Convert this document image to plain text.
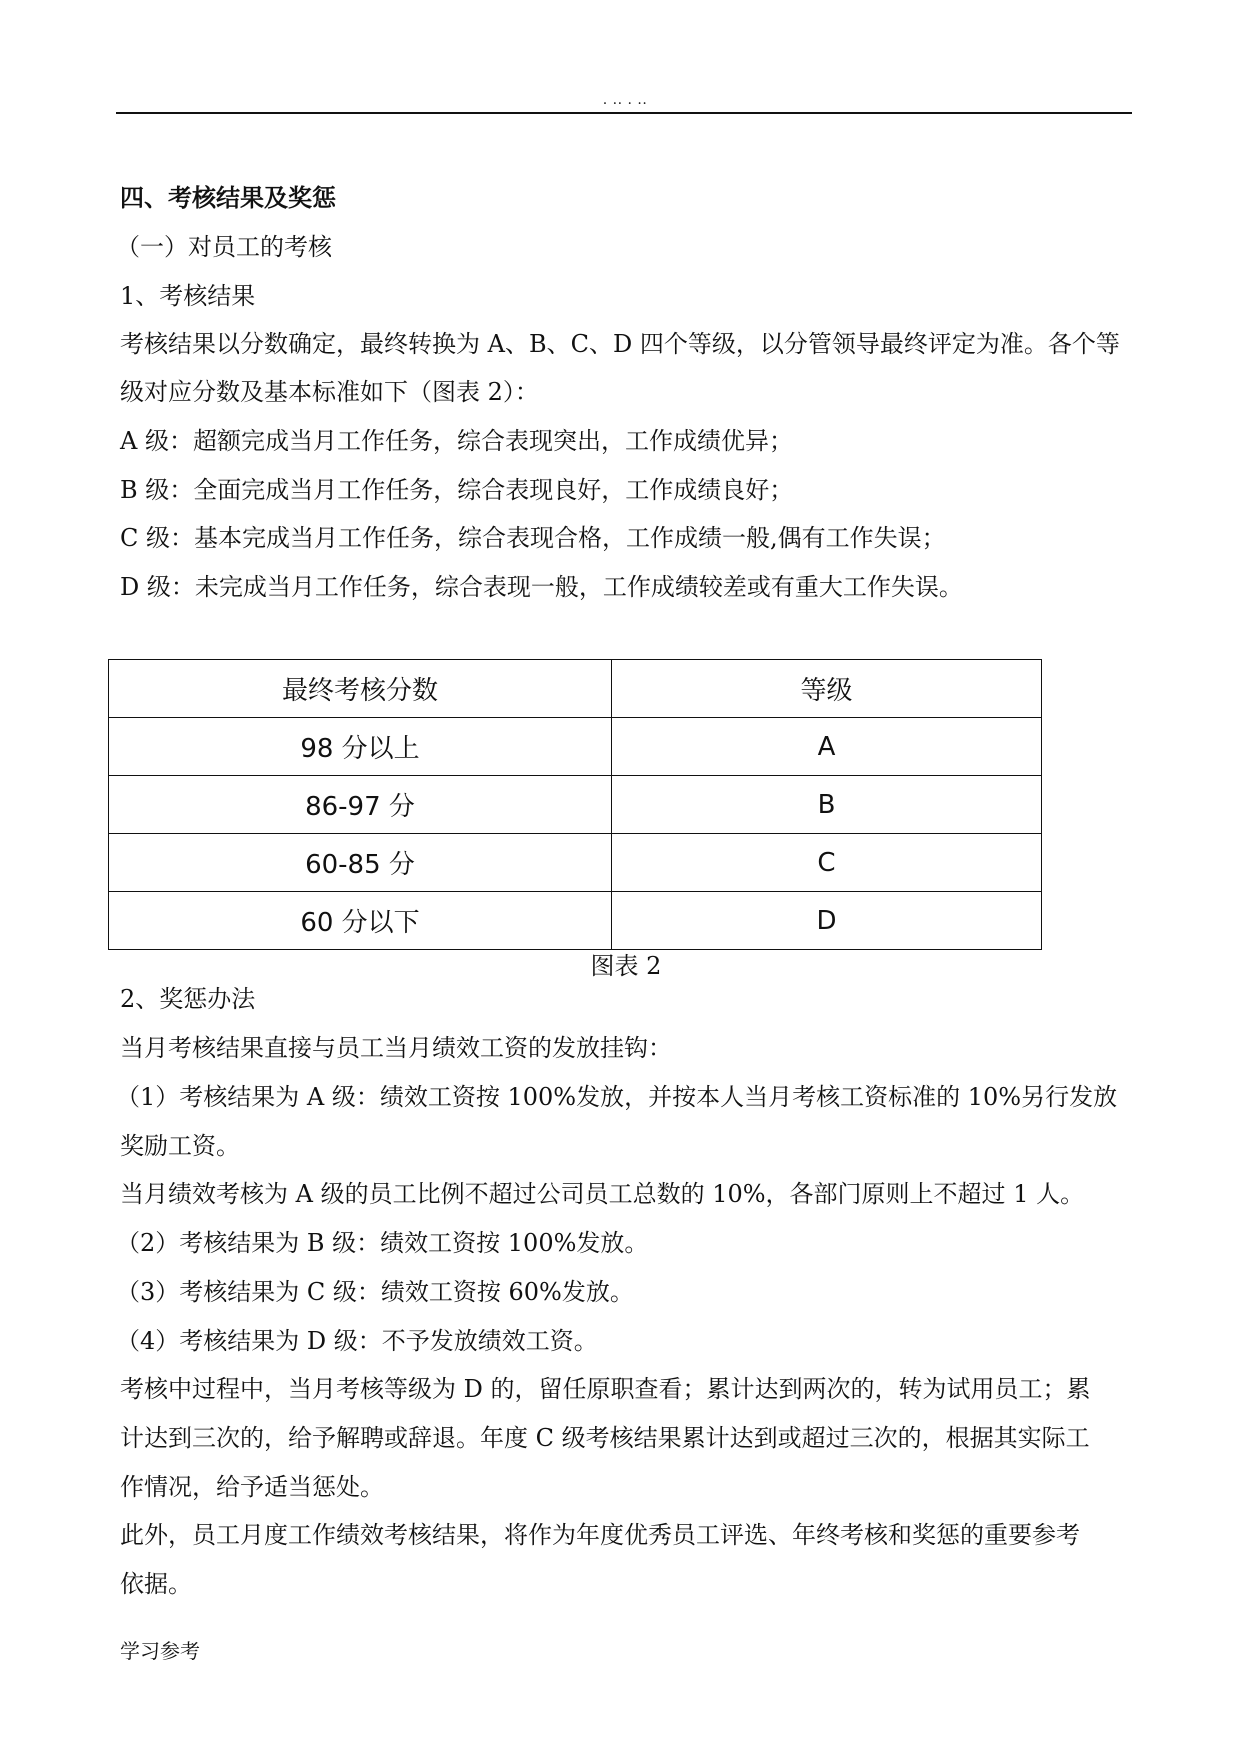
. .. . ..
四、考核结果及奖惩
（一）对员工的考核
1、考核结果
考核结果以分数确定，最终转换为 A、B、C、D 四个等级，以分管领导最终评定为准。各个等
级对应分数及基本标准如下（图表 2）：
A 级：超额完成当月工作任务，综合表现突出，工作成绩优异；
B 级：全面完成当月工作任务，综合表现良好，工作成绩良好；
C 级：基本完成当月工作任务，综合表现合格，工作成绩一般,偶有工作失误；
D 级：未完成当月工作任务，综合表现一般，工作成绩较差或有重大工作失误。
最终考核分数	等级
98 分以上	A
86-97 分	B
60-85 分	C
60 分以下	D
图表 2
2、奖惩办法
当月考核结果直接与员工当月绩效工资的发放挂钩：
（1）考核结果为 A 级：绩效工资按 100%发放，并按本人当月考核工资标准的 10%另行发放
奖励工资。
当月绩效考核为 A 级的员工比例不超过公司员工总数的 10%，各部门原则上不超过 1 人。
（2）考核结果为 B 级：绩效工资按 100%发放。
（3）考核结果为 C 级：绩效工资按 60%发放。
（4）考核结果为 D 级：不予发放绩效工资。
考核中过程中，当月考核等级为 D 的，留任原职查看；累计达到两次的，转为试用员工；累
计达到三次的，给予解聘或辞退。年度 C 级考核结果累计达到或超过三次的，根据其实际工
作情况，给予适当惩处。
此外，员工月度工作绩效考核结果，将作为年度优秀员工评选、年终考核和奖惩的重要参考
依据。
学习参考
